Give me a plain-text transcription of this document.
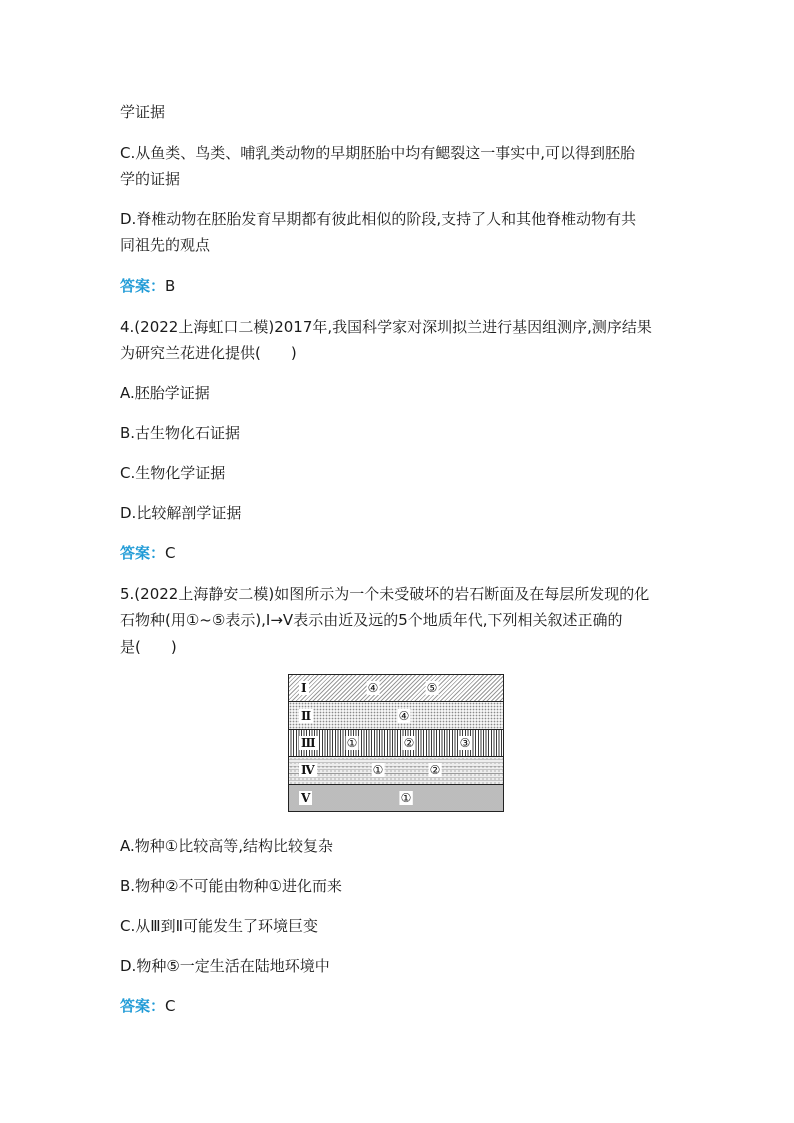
学证据
C.从鱼类、鸟类、哺乳类动物的早期胚胎中均有鳃裂这一事实中,可以得到胚胎
学的证据
D.脊椎动物在胚胎发育早期都有彼此相似的阶段,支持了人和其他脊椎动物有共
同祖先的观点
答案：B
4.(2022上海虹口二模)2017年,我国科学家对深圳拟兰进行基因组测序,测序结果
为研究兰花进化提供(　　)
A.胚胎学证据
B.古生物化石证据
C.生物化学证据
D.比较解剖学证据
答案：C
5.(2022上海静安二模)如图所示为一个未受破坏的岩石断面及在每层所发现的化
石物种(用①~⑤表示),Ⅰ→Ⅴ表示由近及远的5个地质年代,下列相关叙述正确的
是(　　)
Ⅰ	④	⑤
Ⅱ	④
Ⅲ	①	②	③
Ⅳ	①	②
Ⅴ	①
A.物种①比较高等,结构比较复杂
B.物种②不可能由物种①进化而来
C.从Ⅲ到Ⅱ可能发生了环境巨变
D.物种⑤一定生活在陆地环境中
答案：C
